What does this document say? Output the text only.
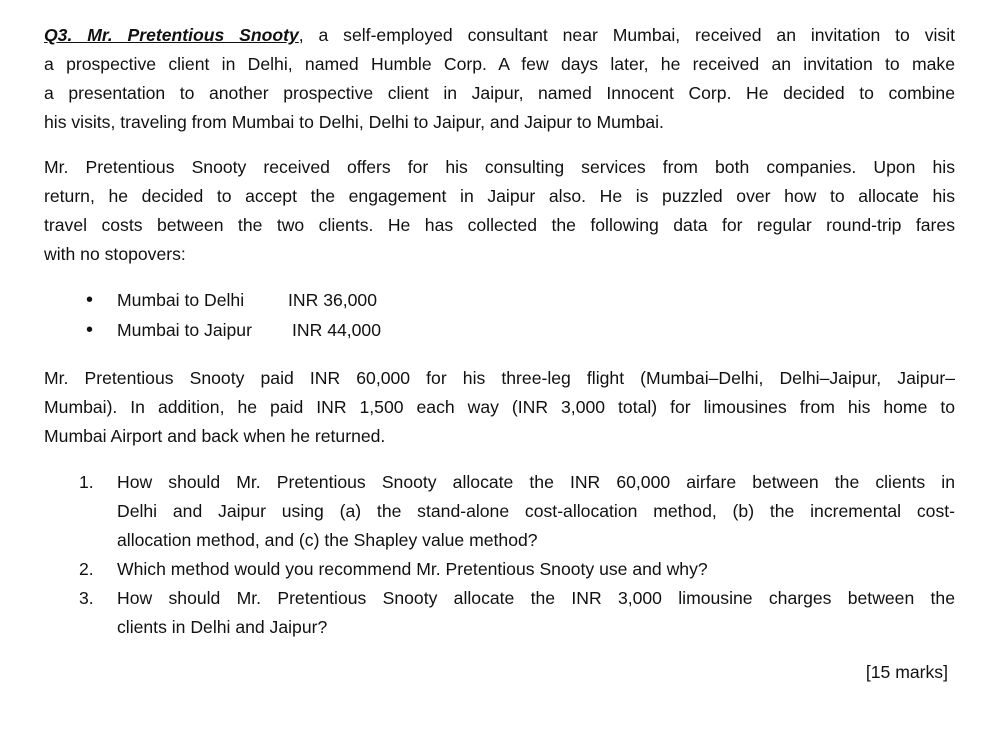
Q3. Mr. Pretentious Snooty, a self-employed consultant near Mumbai, received an invitation to visit
a prospective client in Delhi, named Humble Corp. A few days later, he received an invitation to make
a presentation to another prospective client in Jaipur, named Innocent Corp. He decided to combine
his visits, traveling from Mumbai to Delhi, Delhi to Jaipur, and Jaipur to Mumbai.
Mr. Pretentious Snooty received offers for his consulting services from both companies. Upon his
return, he decided to accept the engagement in Jaipur also. He is puzzled over how to allocate his
travel costs between the two clients. He has collected the following data for regular round-trip fares
with no stopovers:
• Mumbai to Delhi INR 36,000
• Mumbai to Jaipur INR 44,000
Mr. Pretentious Snooty paid INR 60,000 for his three-leg flight (Mumbai–Delhi, Delhi–Jaipur, Jaipur–
Mumbai). In addition, he paid INR 1,500 each way (INR 3,000 total) for limousines from his home to
Mumbai Airport and back when he returned.
1. How should Mr. Pretentious Snooty allocate the INR 60,000 airfare between the clients in
Delhi and Jaipur using (a) the stand-alone cost-allocation method, (b) the incremental cost-
allocation method, and (c) the Shapley value method?
2. Which method would you recommend Mr. Pretentious Snooty use and why?
3. How should Mr. Pretentious Snooty allocate the INR 3,000 limousine charges between the
clients in Delhi and Jaipur?
[15 marks]
